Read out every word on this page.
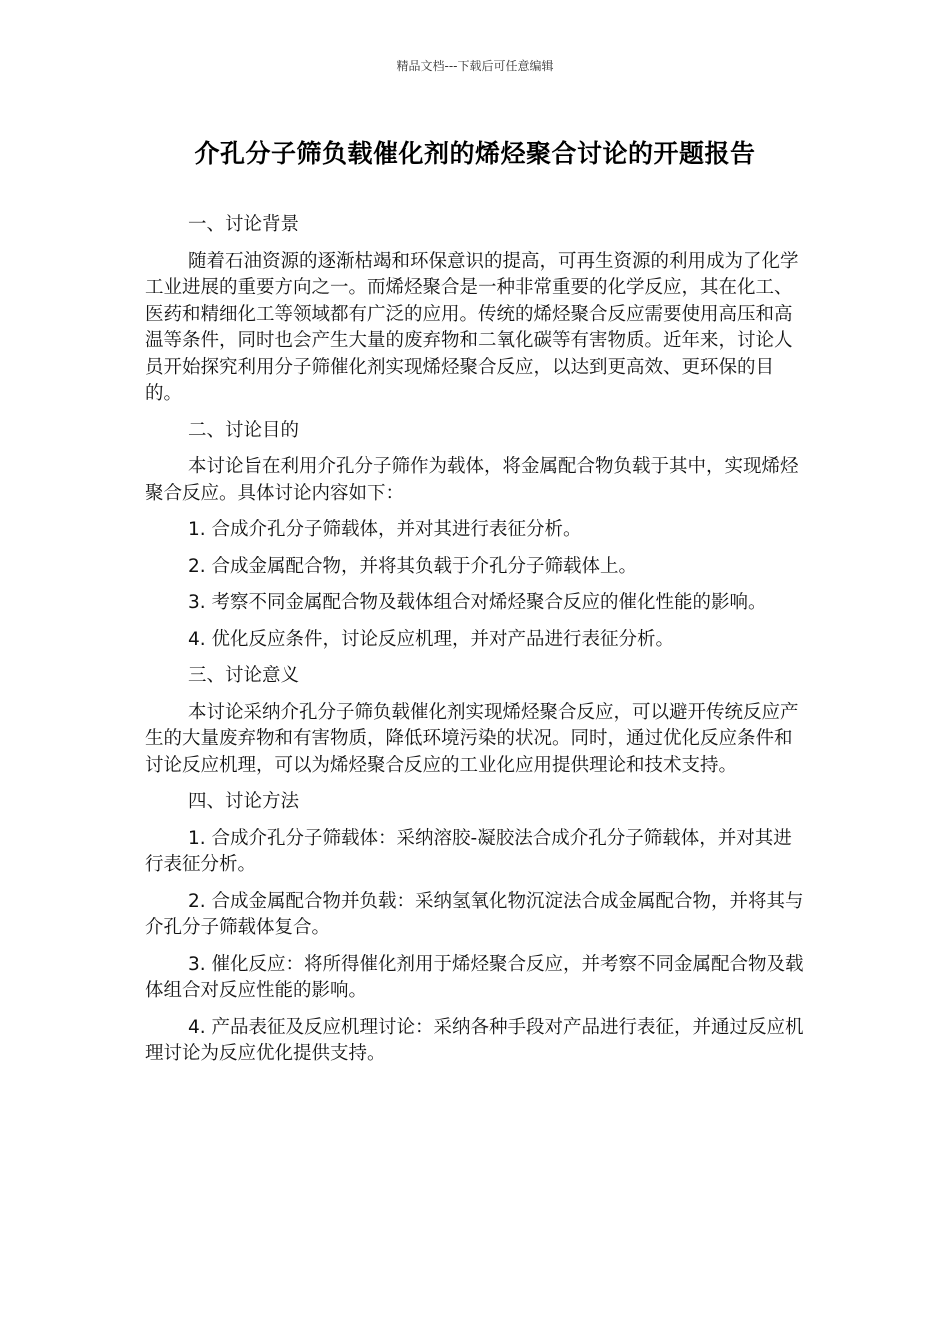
精品文档---下载后可任意编辑
介孔分子筛负载催化剂的烯烃聚合讨论的开题报告

一、讨论背景

随着石油资源的逐渐枯竭和环保意识的提高，可再生资源的利用成为了化学工业进展的重要方向之一。而烯烃聚合是一种非常重要的化学反应，其在化工、医药和精细化工等领域都有广泛的应用。传统的烯烃聚合反应需要使用高压和高温等条件，同时也会产生大量的废弃物和二氧化碳等有害物质。近年来，讨论人员开始探究利用分子筛催化剂实现烯烃聚合反应，以达到更高效、更环保的目的。

二、讨论目的

本讨论旨在利用介孔分子筛作为载体，将金属配合物负载于其中，实现烯烃聚合反应。具体讨论内容如下：

1. 合成介孔分子筛载体，并对其进行表征分析。

2. 合成金属配合物，并将其负载于介孔分子筛载体上。

3. 考察不同金属配合物及载体组合对烯烃聚合反应的催化性能的影响。

4. 优化反应条件，讨论反应机理，并对产品进行表征分析。

三、讨论意义

本讨论采纳介孔分子筛负载催化剂实现烯烃聚合反应，可以避开传统反应产生的大量废弃物和有害物质，降低环境污染的状况。同时，通过优化反应条件和讨论反应机理，可以为烯烃聚合反应的工业化应用提供理论和技术支持。

四、讨论方法

1. 合成介孔分子筛载体：采纳溶胶-凝胶法合成介孔分子筛载体，并对其进行表征分析。

2. 合成金属配合物并负载：采纳氢氧化物沉淀法合成金属配合物，并将其与介孔分子筛载体复合。

3. 催化反应：将所得催化剂用于烯烃聚合反应，并考察不同金属配合物及载体组合对反应性能的影响。

4. 产品表征及反应机理讨论：采纳各种手段对产品进行表征，并通过反应机理讨论为反应优化提供支持。
